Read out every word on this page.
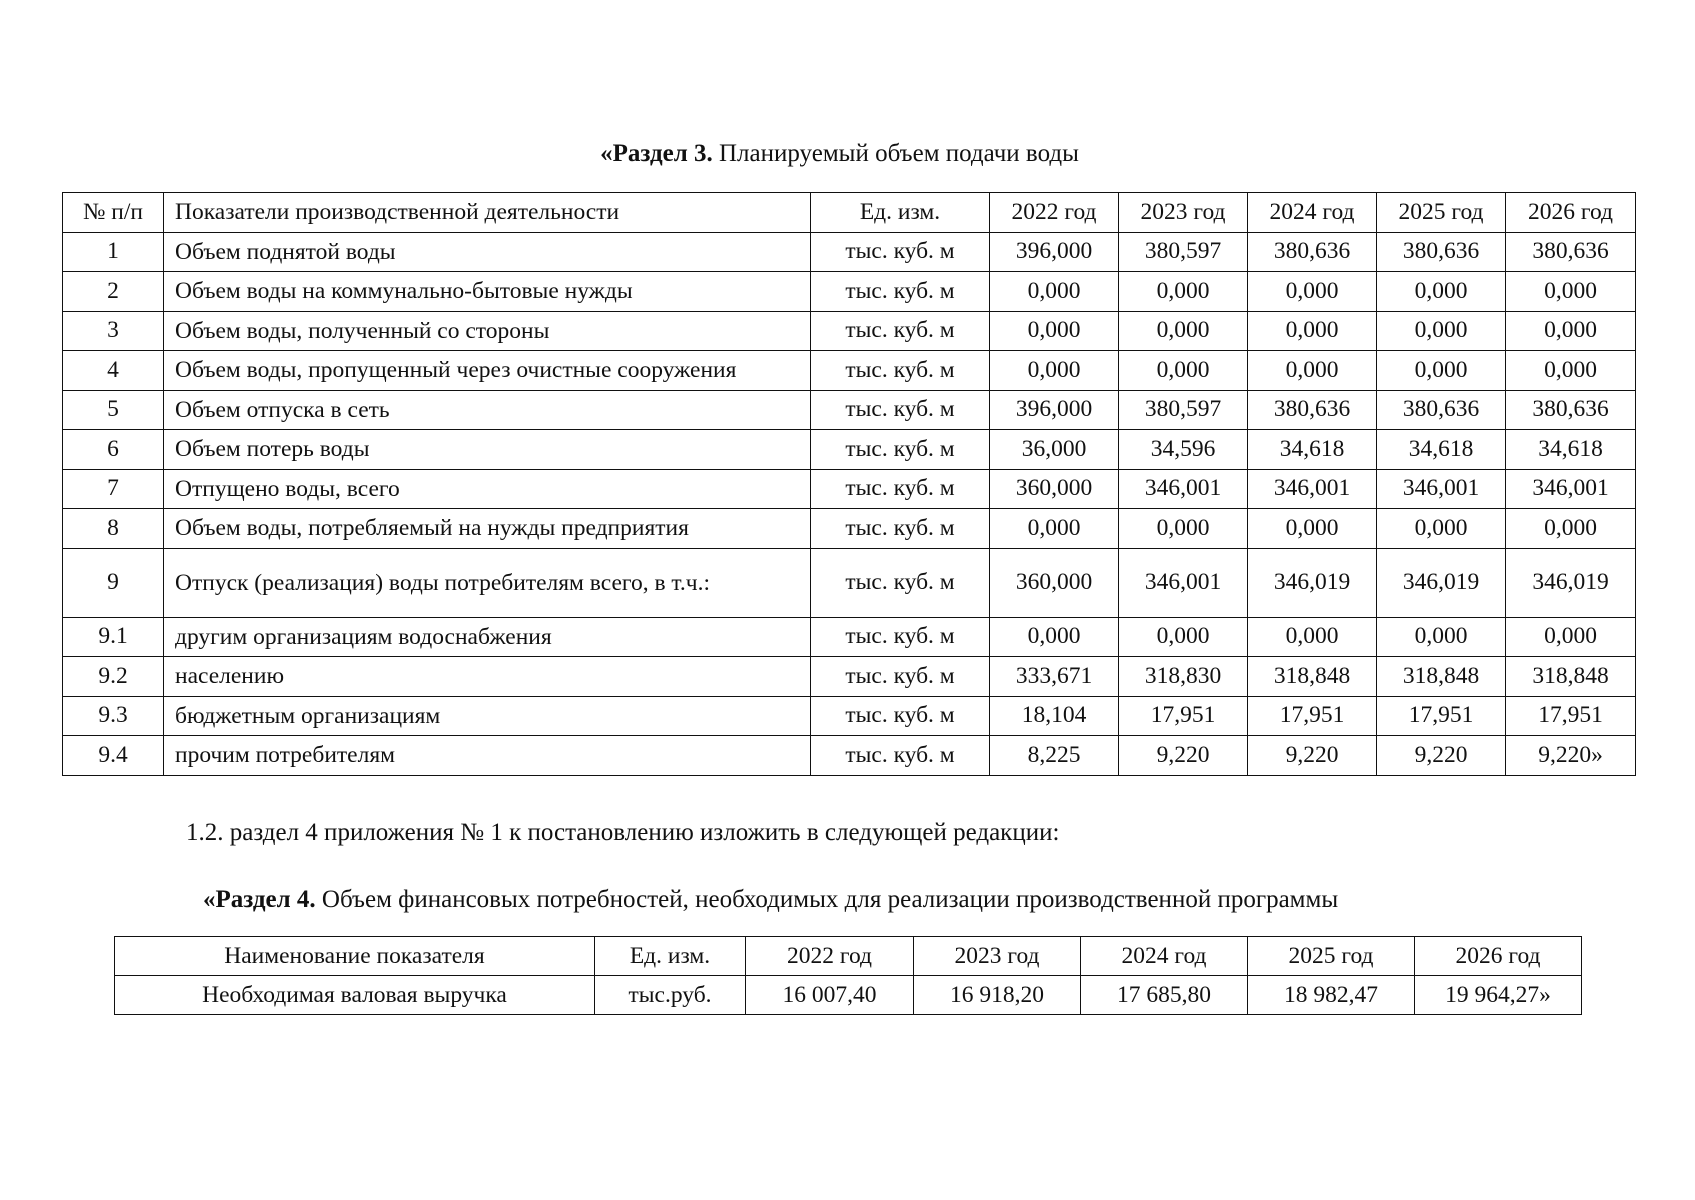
«Раздел 3. Планируемый объем подачи воды
№ п/п	Показатели производственной деятельности	Ед. изм.	2022 год	2023 год	2024 год	2025 год	2026 год
1	Объем поднятой воды	тыс. куб. м	396,000	380,597	380,636	380,636	380,636
2	Объем воды на коммунально-бытовые нужды	тыс. куб. м	0,000	0,000	0,000	0,000	0,000
3	Объем воды, полученный со стороны	тыс. куб. м	0,000	0,000	0,000	0,000	0,000
4	Объем воды, пропущенный через очистные сооружения	тыс. куб. м	0,000	0,000	0,000	0,000	0,000
5	Объем отпуска в сеть	тыс. куб. м	396,000	380,597	380,636	380,636	380,636
6	Объем потерь воды	тыс. куб. м	36,000	34,596	34,618	34,618	34,618
7	Отпущено воды, всего	тыс. куб. м	360,000	346,001	346,001	346,001	346,001
8	Объем воды, потребляемый на нужды предприятия	тыс. куб. м	0,000	0,000	0,000	0,000	0,000
9	Отпуск (реализация) воды потребителям всего, в т.ч.:	тыс. куб. м	360,000	346,001	346,019	346,019	346,019
9.1	другим организациям водоснабжения	тыс. куб. м	0,000	0,000	0,000	0,000	0,000
9.2	населению	тыс. куб. м	333,671	318,830	318,848	318,848	318,848
9.3	бюджетным организациям	тыс. куб. м	18,104	17,951	17,951	17,951	17,951
9.4	прочим потребителям	тыс. куб. м	8,225	9,220	9,220	9,220	9,220»
1.2. раздел 4 приложения № 1 к постановлению изложить в следующей редакции:
«Раздел 4. Объем финансовых потребностей, необходимых для реализации производственной программы
Наименование показателя	Ед. изм.	2022 год	2023 год	2024 год	2025 год	2026 год
Необходимая валовая выручка	тыс.руб.	16 007,40	16 918,20	17 685,80	18 982,47	19 964,27»
